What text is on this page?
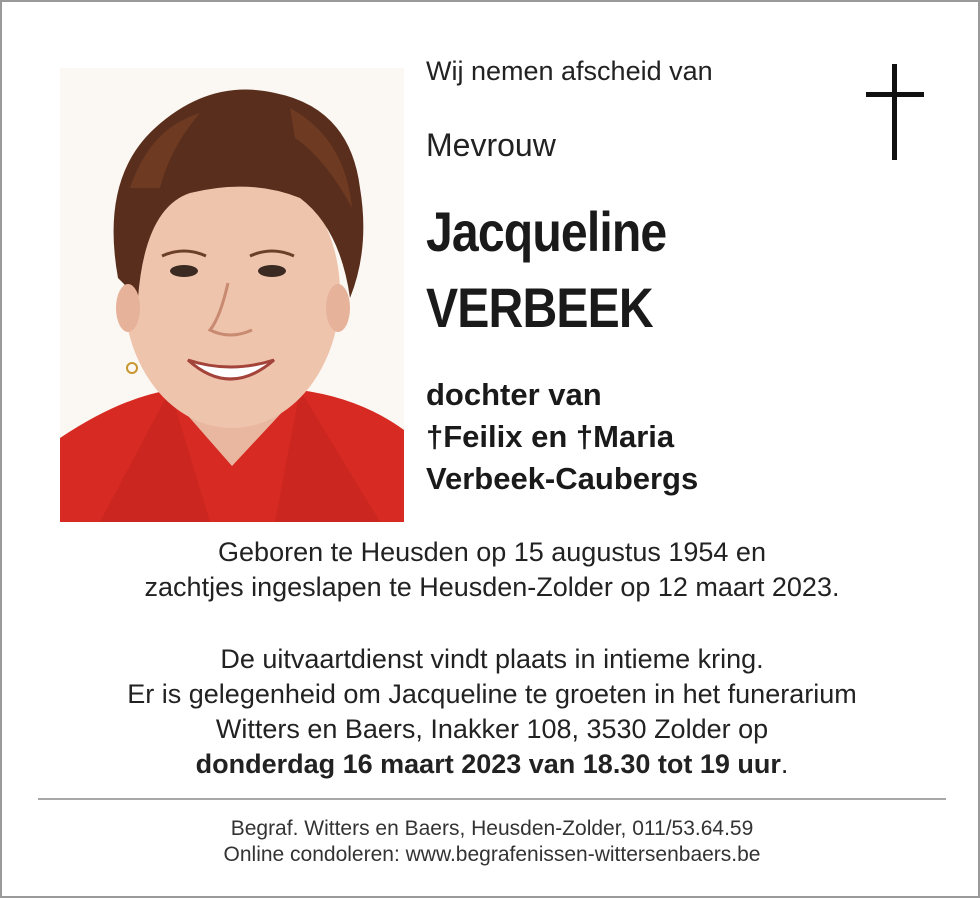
Wij nemen afscheid van
Mevrouw
Jacqueline
VERBEEK
dochter van
†Feilix en †Maria
Verbeek-Caubergs
Geboren te Heusden op 15 augustus 1954 en
zachtjes ingeslapen te Heusden-Zolder op 12 maart 2023.
De uitvaartdienst vindt plaats in intieme kring.
Er is gelegenheid om Jacqueline te groeten in het funerarium
Witters en Baers, Inakker 108, 3530 Zolder op
donderdag 16 maart 2023 van 18.30 tot 19 uur.
Begraf. Witters en Baers, Heusden-Zolder, 011/53.64.59
Online condoleren: www.begrafenissen-wittersenbaers.be
